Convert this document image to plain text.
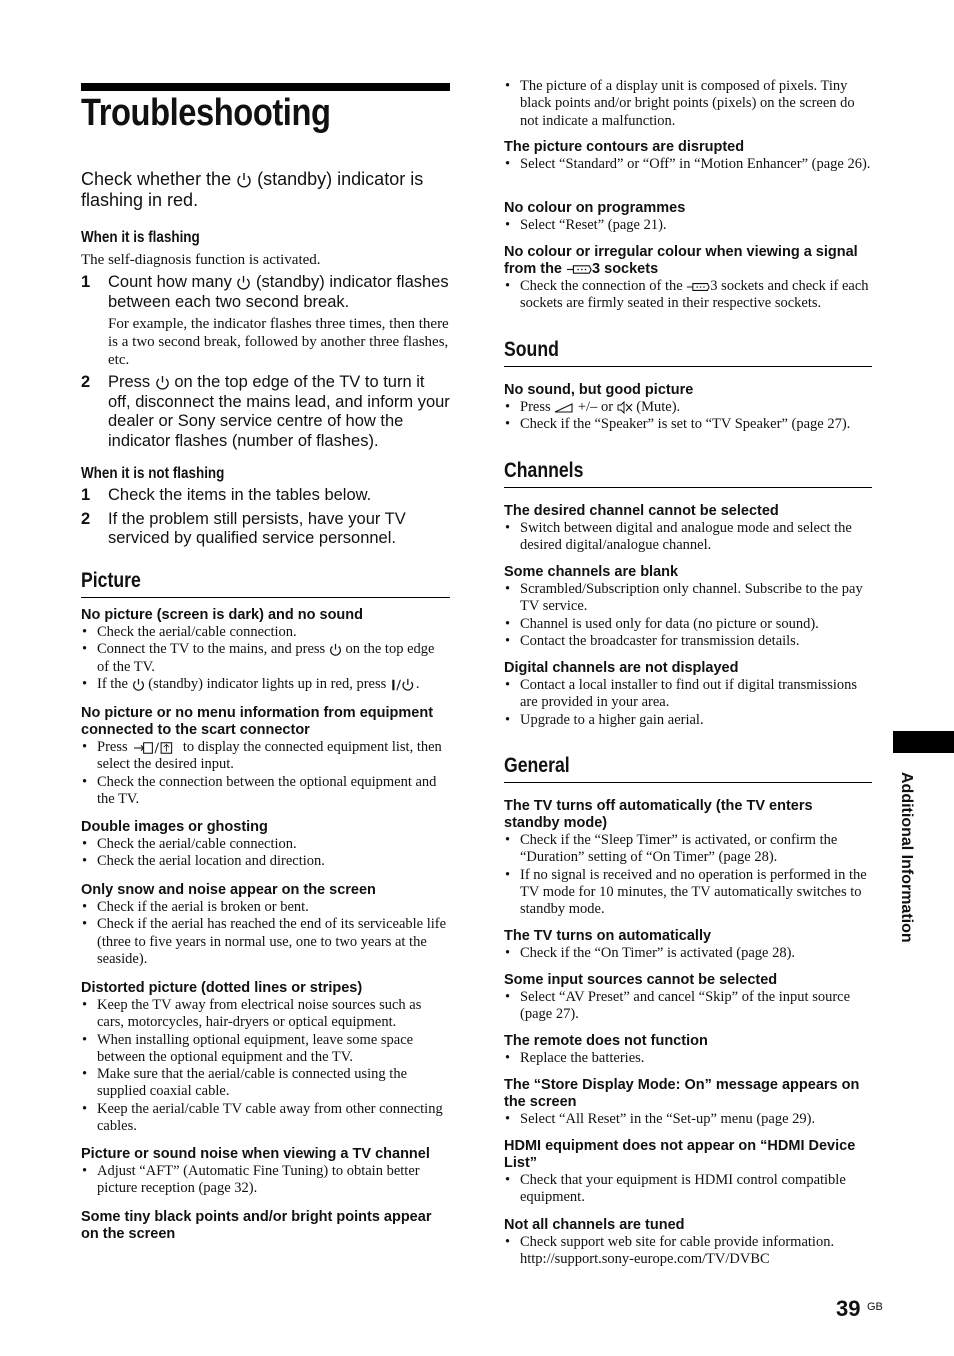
Troubleshooting

Check whether the (standby) indicator is flashing in red.

When it is flashing

The self-diagnosis function is activated.

1 Count how many (standby) indicator flashes between each two second break.
For example, the indicator flashes three times, then there is a two second break, followed by another three flashes, etc.
2 Press on the top edge of the TV to turn it off, disconnect the mains lead, and inform your dealer or Sony service centre of how the indicator flashes (number of flashes).
When it is not flashing
1 Check the items in the tables below.
2 If the problem still persists, have your TV serviced by qualified service personnel.
Picture

No picture (screen is dark) and no sound

• Check the aerial/cable connection.
• Connect the TV to the mains, and press on the top edge of the TV.
• If the (standby) indicator lights up in red, press .

No picture or no menu information from equipment connected to the scart connector

• Press	to display the connected equipment list, then select the desired input.
• Check the connection between the optional equipment and the TV.

Double images or ghosting

• Check the aerial/cable connection.
• Check the aerial location and direction.

Only snow and noise appear on the screen

• Check if the aerial is broken or bent.
• Check if the aerial has reached the end of its serviceable life (three to five years in normal use, one to two years at the seaside).

Distorted picture (dotted lines or stripes)

• Keep the TV away from electrical noise sources such as cars, motorcycles, hair-dryers or optical equipment.
• When installing optional equipment, leave some space between the optional equipment and the TV.
• Make sure that the aerial/cable is connected using the supplied coaxial cable.
• Keep the aerial/cable TV cable away from other connecting cables.

Picture or sound noise when viewing a TV channel

• Adjust “AFT” (Automatic Fine Tuning) to obtain better picture reception (page 32).

Some tiny black points and/or bright points appear on the screen

• The picture of a display unit is composed of pixels. Tiny black points and/or bright points (pixels) on the screen do not indicate a malfunction.

The picture contours are disrupted

• Select “Standard” or “Off” in “Motion Enhancer” (page 26).

No colour on programmes

• Select “Reset” (page 21).

No colour or irregular colour when viewing a signal from the 3 sockets

• Check the connection of the 3 sockets and check if each sockets are firmly seated in their respective sockets.
Sound

No sound, but good picture

• Press +/– or (Mute).
• Check if the “Speaker” is set to “TV Speaker” (page 27).
Channels

The desired channel cannot be selected

• Switch between digital and analogue mode and select the desired digital/analogue channel.

Some channels are blank

• Scrambled/Subscription only channel. Subscribe to the pay TV service.
• Channel is used only for data (no picture or sound).
• Contact the broadcaster for transmission details.

Digital channels are not displayed

• Contact a local installer to find out if digital transmissions are provided in your area.
• Upgrade to a higher gain aerial.
General

The TV turns off automatically (the TV enters standby mode)

• Check if the “Sleep Timer” is activated, or confirm the “Duration” setting of “On Timer” (page 28).
• If no signal is received and no operation is performed in the TV mode for 10 minutes, the TV automatically switches to standby mode.

The TV turns on automatically

• Check if the “On Timer” is activated (page 28).

Some input sources cannot be selected

• Select “AV Preset” and cancel “Skip” of the input source (page 27).

The remote does not function

• Replace the batteries.

The “Store Display Mode: On” message appears on the screen

• Select “All Reset” in the “Set-up” menu (page 29).

HDMI equipment does not appear on “HDMI Device List”

• Check that your equipment is HDMI control compatible equipment.

Not all channels are tuned

• Check support web site for cable provide information. http://support.sony-europe.com/TV/DVBC
Additional Information
39 GB
